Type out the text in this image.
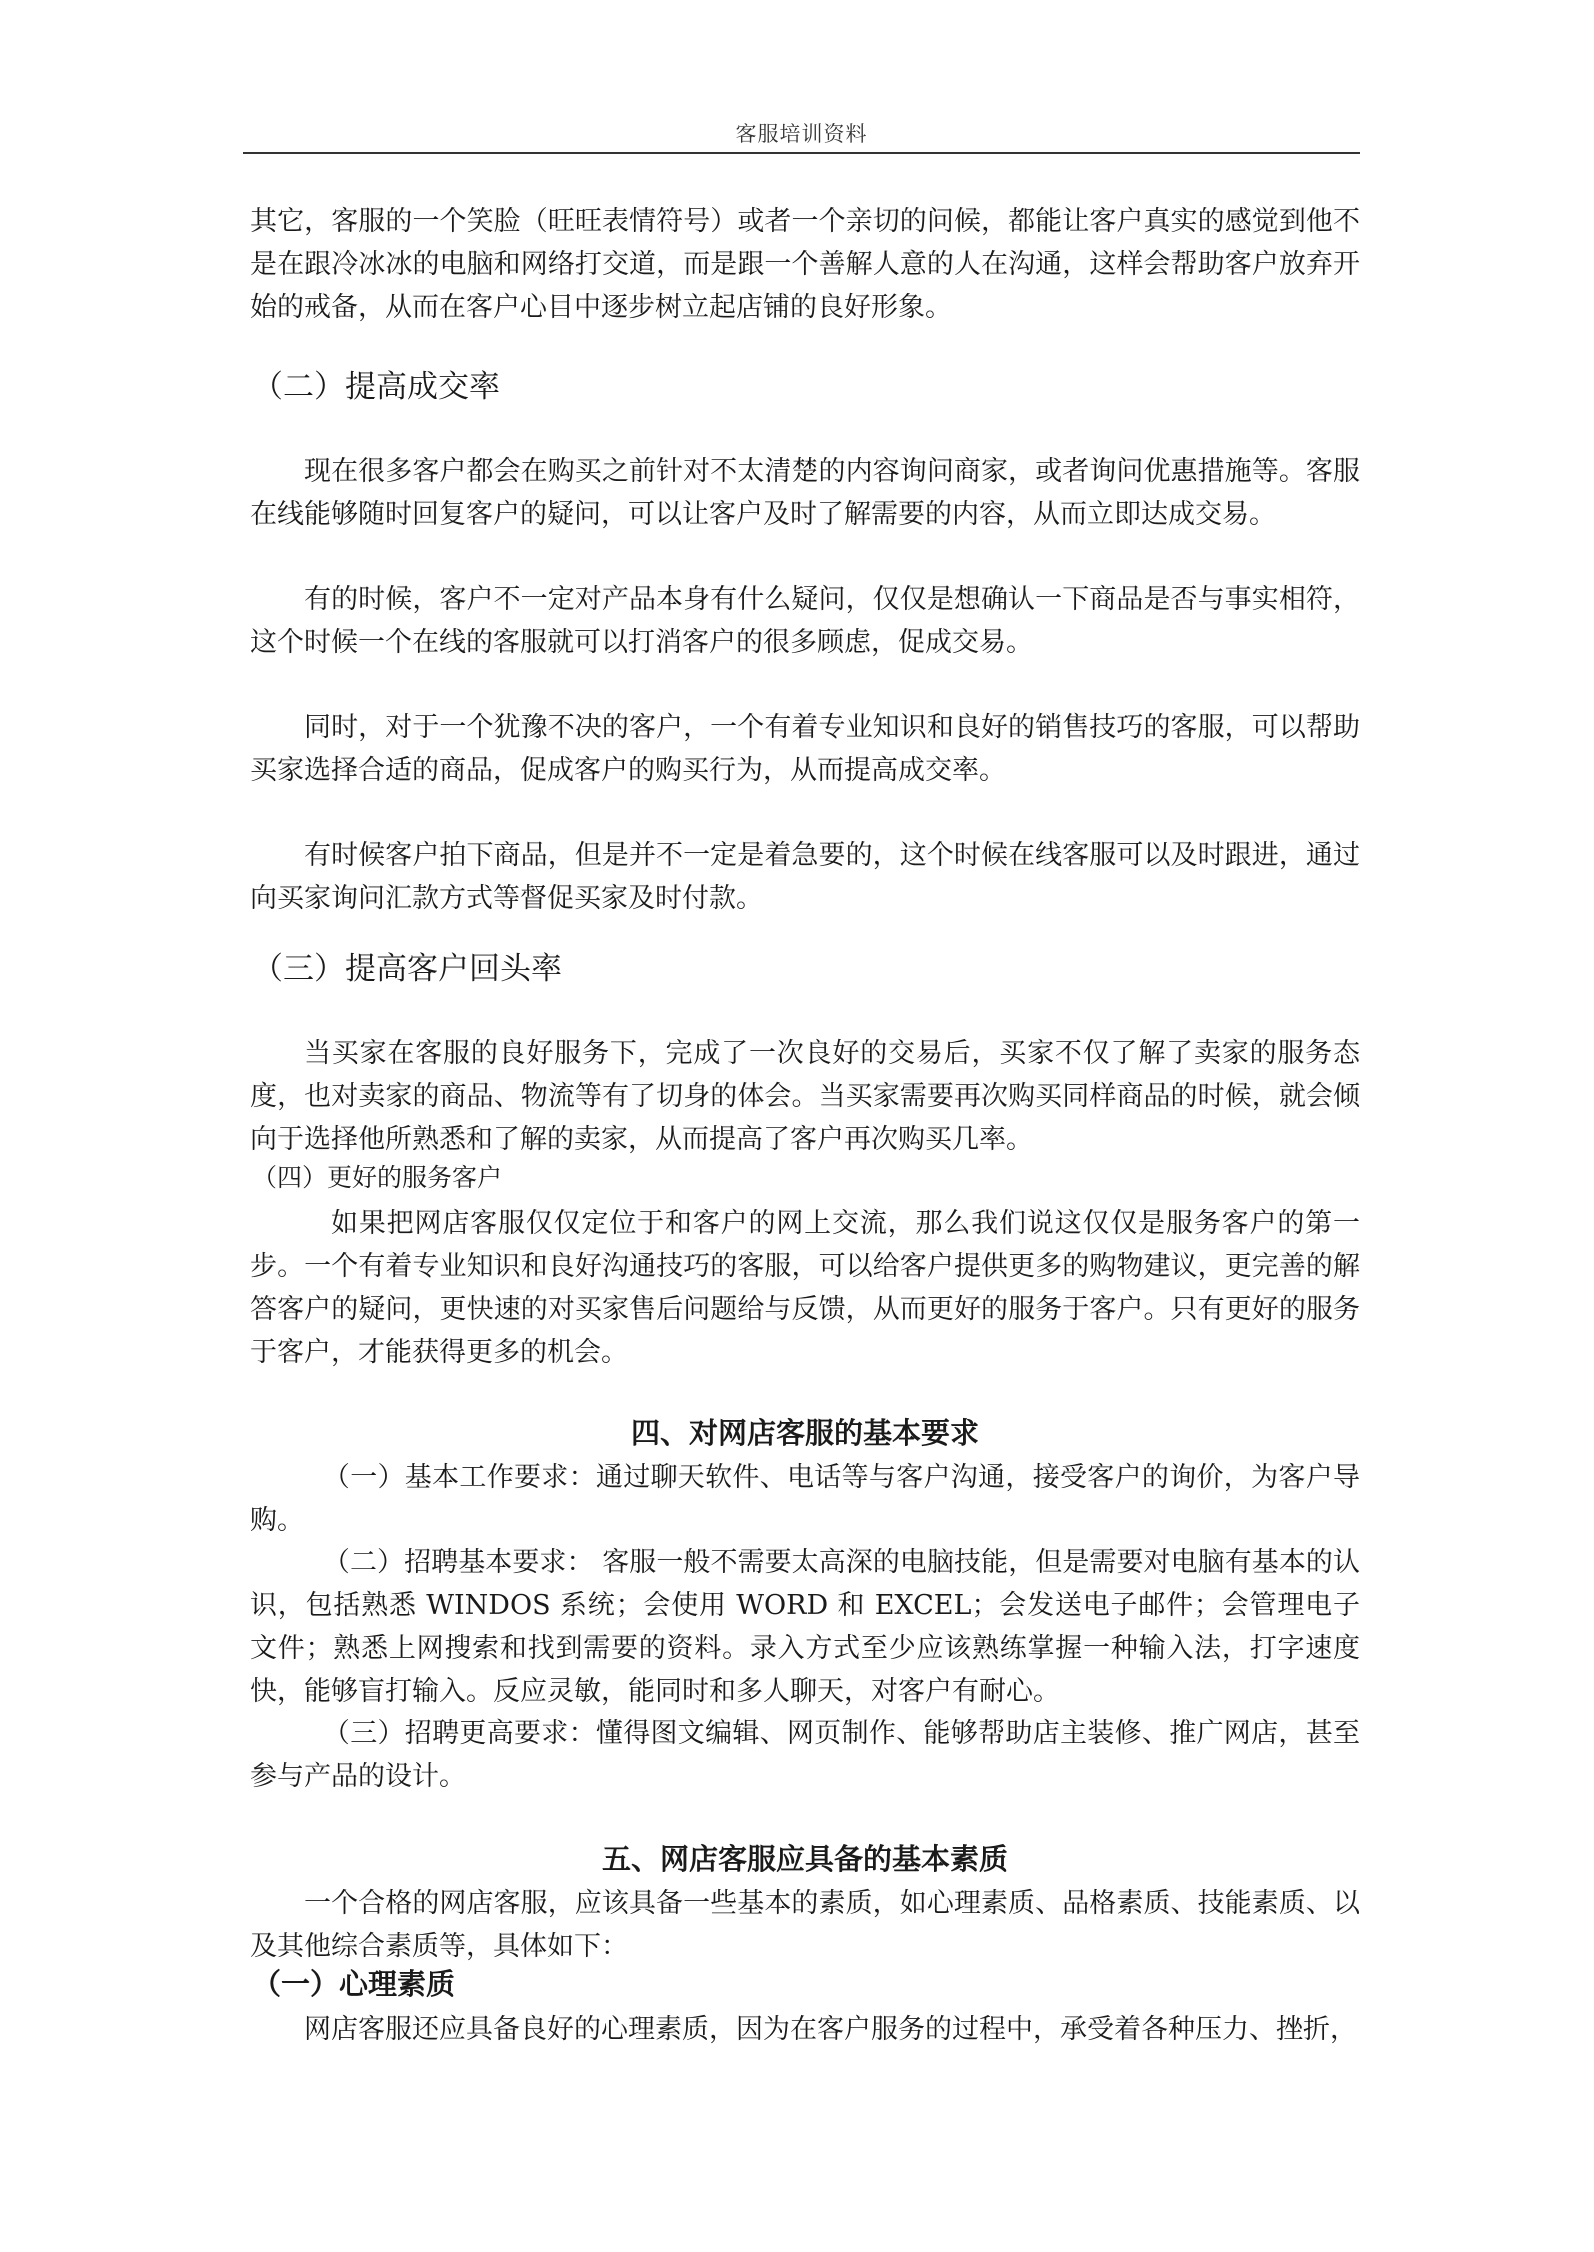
客服培训资料

其它，客服的一个笑脸（旺旺表情符号）或者一个亲切的问候，都能让客户真实的感觉到他不是在跟冷冰冰的电脑和网络打交道，而是跟一个善解人意的人在沟通，这样会帮助客户放弃开始的戒备，从而在客户心目中逐步树立起店铺的良好形象。

（二）提高成交率

现在很多客户都会在购买之前针对不太清楚的内容询问商家，或者询问优惠措施等。客服在线能够随时回复客户的疑问，可以让客户及时了解需要的内容，从而立即达成交易。

有的时候，客户不一定对产品本身有什么疑问，仅仅是想确认一下商品是否与事实相符，这个时候一个在线的客服就可以打消客户的很多顾虑，促成交易。

同时，对于一个犹豫不决的客户，一个有着专业知识和良好的销售技巧的客服，可以帮助买家选择合适的商品，促成客户的购买行为，从而提高成交率。

有时候客户拍下商品，但是并不一定是着急要的，这个时候在线客服可以及时跟进，通过向买家询问汇款方式等督促买家及时付款。

（三）提高客户回头率

当买家在客服的良好服务下，完成了一次良好的交易后，买家不仅了解了卖家的服务态度，也对卖家的商品、物流等有了切身的体会。当买家需要再次购买同样商品的时候，就会倾向于选择他所熟悉和了解的卖家，从而提高了客户再次购买几率。

（四）更好的服务客户

如果把网店客服仅仅定位于和客户的网上交流，那么我们说这仅仅是服务客户的第一步。一个有着专业知识和良好沟通技巧的客服，可以给客户提供更多的购物建议，更完善的解答客户的疑问，更快速的对买家售后问题给与反馈，从而更好的服务于客户。只有更好的服务于客户，才能获得更多的机会。

四、对网店客服的基本要求

（一）基本工作要求：通过聊天软件、电话等与客户沟通，接受客户的询价，为客户导购。

（二）招聘基本要求： 客服一般不需要太高深的电脑技能，但是需要对电脑有基本的认识，包括熟悉 WINDOS 系统；会使用 WORD 和 EXCEL；会发送电子邮件；会管理电子文件；熟悉上网搜索和找到需要的资料。录入方式至少应该熟练掌握一种输入法，打字速度快，能够盲打输入。反应灵敏，能同时和多人聊天，对客户有耐心。

（三）招聘更高要求：懂得图文编辑、网页制作、能够帮助店主装修、推广网店，甚至参与产品的设计。

五、网店客服应具备的基本素质

一个合格的网店客服，应该具备一些基本的素质，如心理素质、品格素质、技能素质、以及其他综合素质等，具体如下：

（一）心理素质

网店客服还应具备良好的心理素质，因为在客户服务的过程中，承受着各种压力、挫折，
